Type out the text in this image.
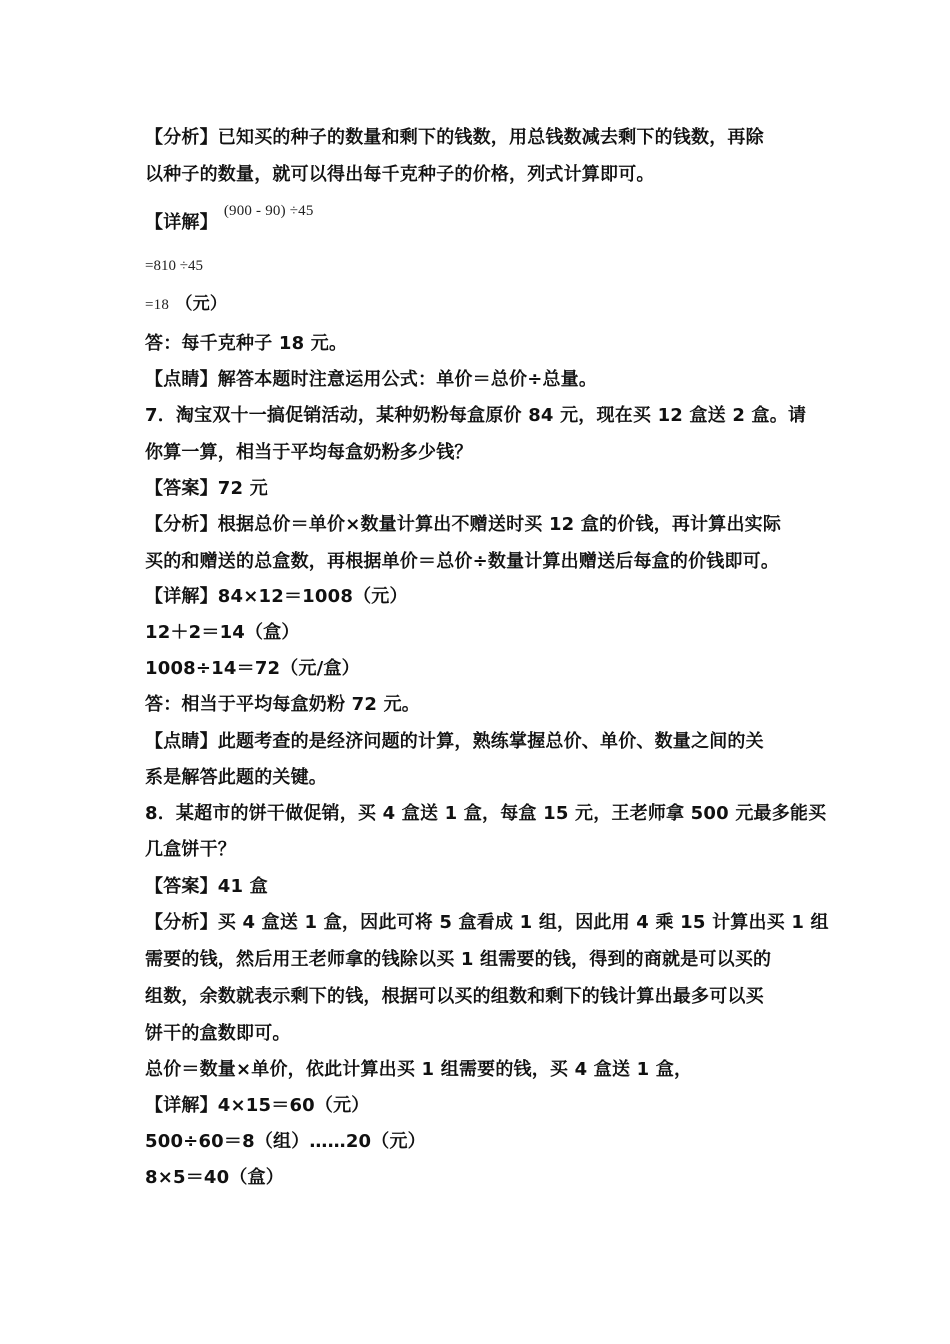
【分析】已知买的种子的数量和剩下的钱数，用总钱数减去剩下的钱数，再除

以种子的数量，就可以得出每千克种子的价格，列式计算即可。

【详解】$^{(900 - 90) \div 45}$

=810 ÷45
=18 （元）

答：每千克种子 18 元。

【点睛】解答本题时注意运用公式：单价＝总价÷总量。

7．淘宝双十一搞促销活动，某种奶粉每盒原价 84 元，现在买 12 盒送 2 盒。请

你算一算，相当于平均每盒奶粉多少钱？

【答案】72 元

【分析】根据总价＝单价×数量计算出不赠送时买 12 盒的价钱，再计算出实际

买的和赠送的总盒数，再根据单价＝总价÷数量计算出赠送后每盒的价钱即可。

【详解】84×12＝1008（元）

12＋2＝14（盒）

1008÷14＝72（元/盒）

答：相当于平均每盒奶粉 72 元。

【点睛】此题考查的是经济问题的计算，熟练掌握总价、单价、数量之间的关

系是解答此题的关键。

8．某超市的饼干做促销，买 4 盒送 1 盒，每盒 15 元，王老师拿 500 元最多能买

几盒饼干？

【答案】41 盒

【分析】买 4 盒送 1 盒，因此可将 5 盒看成 1 组，因此用 4 乘 15 计算出买 1 组

需要的钱，然后用王老师拿的钱除以买 1 组需要的钱，得到的商就是可以买的

组数，余数就表示剩下的钱，根据可以买的组数和剩下的钱计算出最多可以买

饼干的盒数即可。

总价＝数量×单价，依此计算出买 1 组需要的钱，买 4 盒送 1 盒，

【详解】4×15＝60（元）

500÷60＝8（组）……20（元）

8×5＝40（盒）
